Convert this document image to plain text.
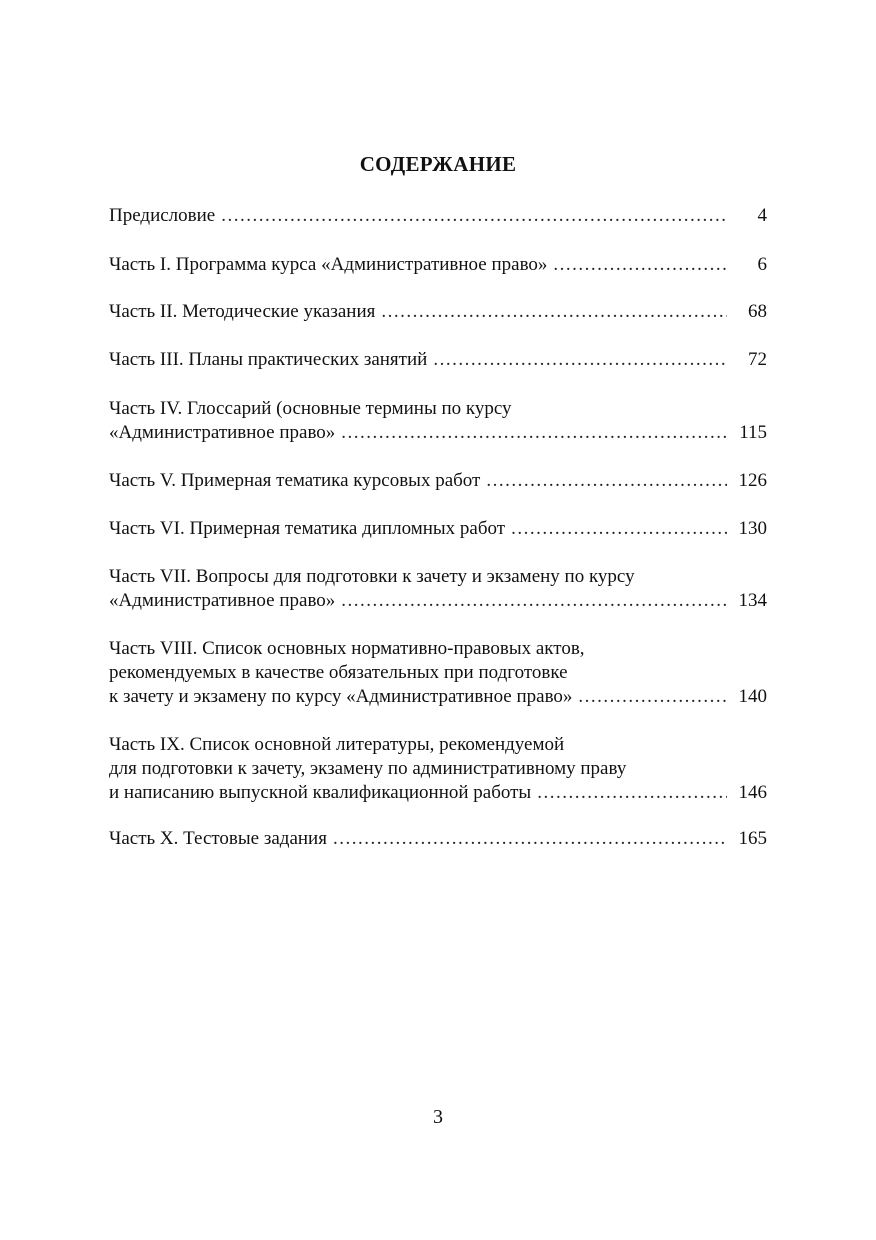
СОДЕРЖАНИЕ
Предисловие .....	4
Часть I. Программа курса «Административное право» .....	6
Часть II. Методические указания .....	68
Часть III. Планы практических занятий .....	72
Часть IV. Глоссарий (основные термины по курсу
«Административное право» .....	115
Часть V. Примерная тематика курсовых работ .....	126
Часть VI. Примерная тематика дипломных работ .....	130
Часть VII. Вопросы для подготовки к зачету и экзамену по курсу
«Административное право» .....	134
Часть VIII. Список основных нормативно-правовых актов,
рекомендуемых в качестве обязательных при подготовке
к зачету и экзамену по курсу «Административное право» .....	140
Часть IX. Список основной литературы, рекомендуемой
для подготовки к зачету, экзамену по административному праву
и написанию выпускной квалификационной работы .....	146
Часть X. Тестовые задания .....	165
3
